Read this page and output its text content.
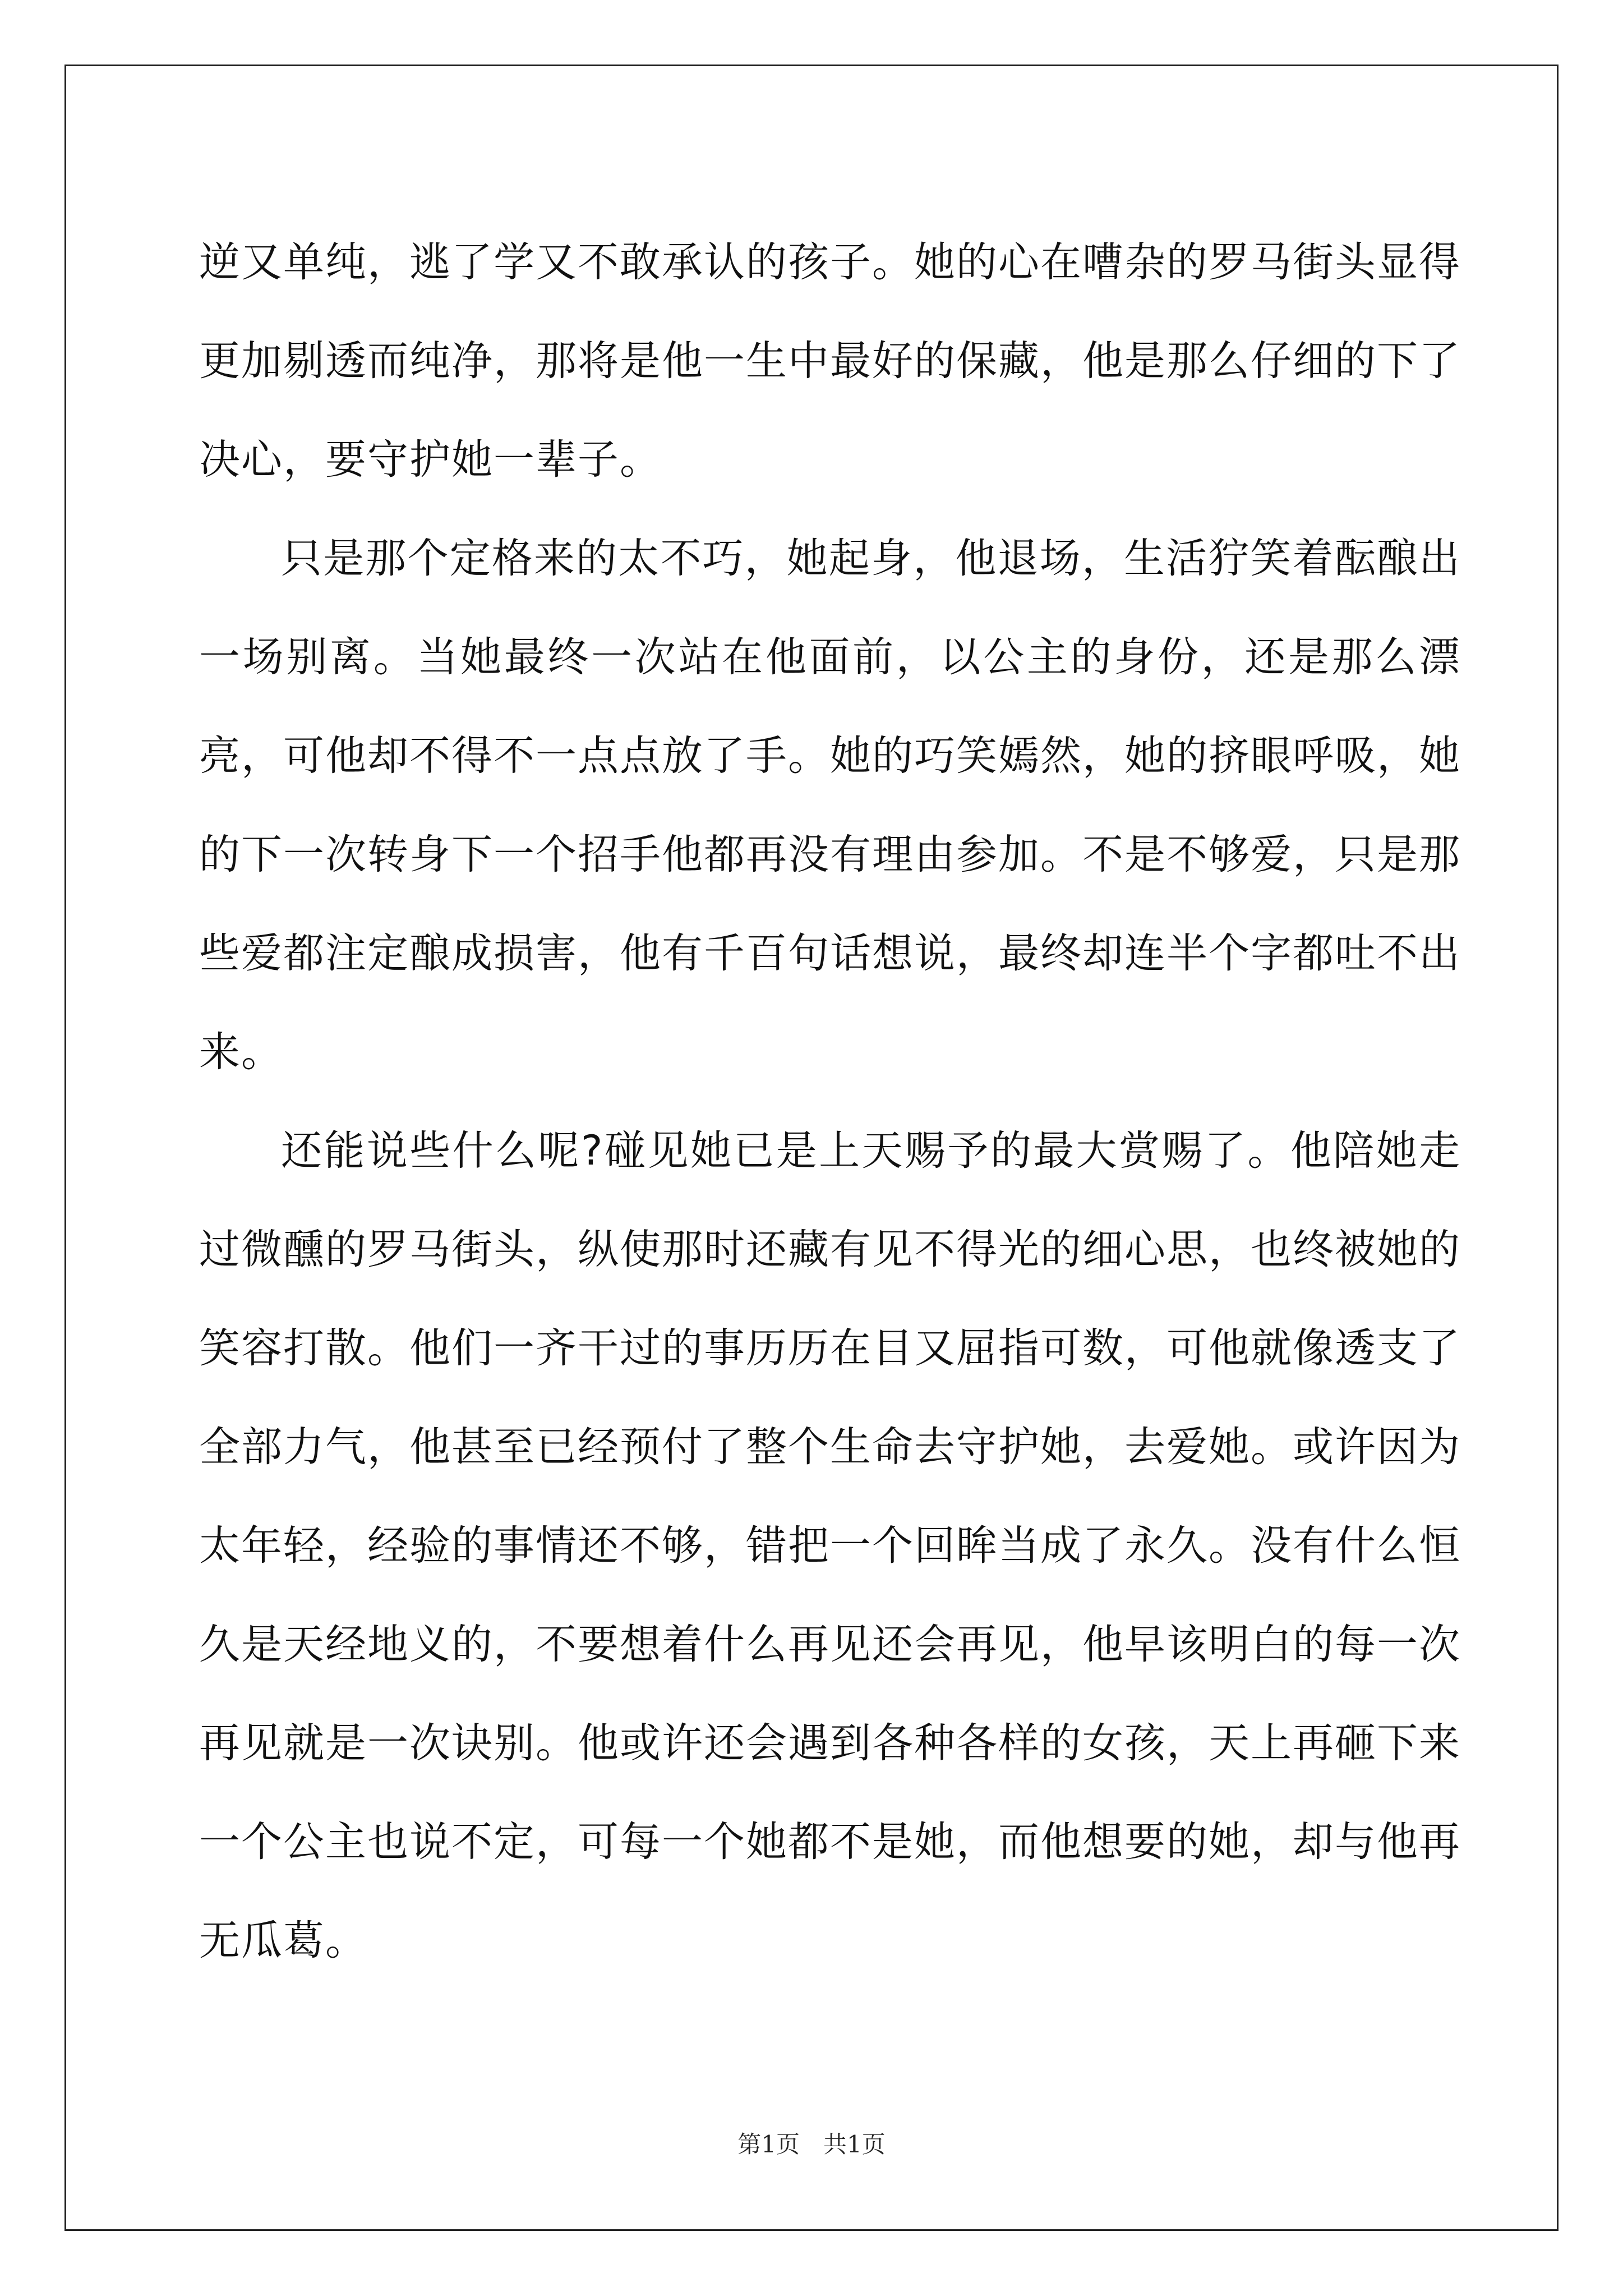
逆又单纯，逃了学又不敢承认的孩子。她的心在嘈杂的罗马街头显得更加剔透而纯净，那将是他一生中最好的保藏，他是那么仔细的下了决心，要守护她一辈子。

只是那个定格来的太不巧，她起身，他退场，生活狞笑着酝酿出一场别离。当她最终一次站在他面前，以公主的身份，还是那么漂亮，可他却不得不一点点放了手。她的巧笑嫣然，她的挤眼呼吸，她的下一次转身下一个招手他都再没有理由参加。不是不够爱，只是那些爱都注定酿成损害，他有千百句话想说，最终却连半个字都吐不出来。

还能说些什么呢?碰见她已是上天赐予的最大赏赐了。他陪她走过微醺的罗马街头，纵使那时还藏有见不得光的细心思，也终被她的笑容打散。他们一齐干过的事历历在目又屈指可数，可他就像透支了全部力气，他甚至已经预付了整个生命去守护她，去爱她。或许因为太年轻，经验的事情还不够，错把一个回眸当成了永久。没有什么恒久是天经地义的，不要想着什么再见还会再见，他早该明白的每一次再见就是一次诀别。他或许还会遇到各种各样的女孩，天上再砸下来一个公主也说不定，可每一个她都不是她，而他想要的她，却与他再无瓜葛。

第1页　共1页
